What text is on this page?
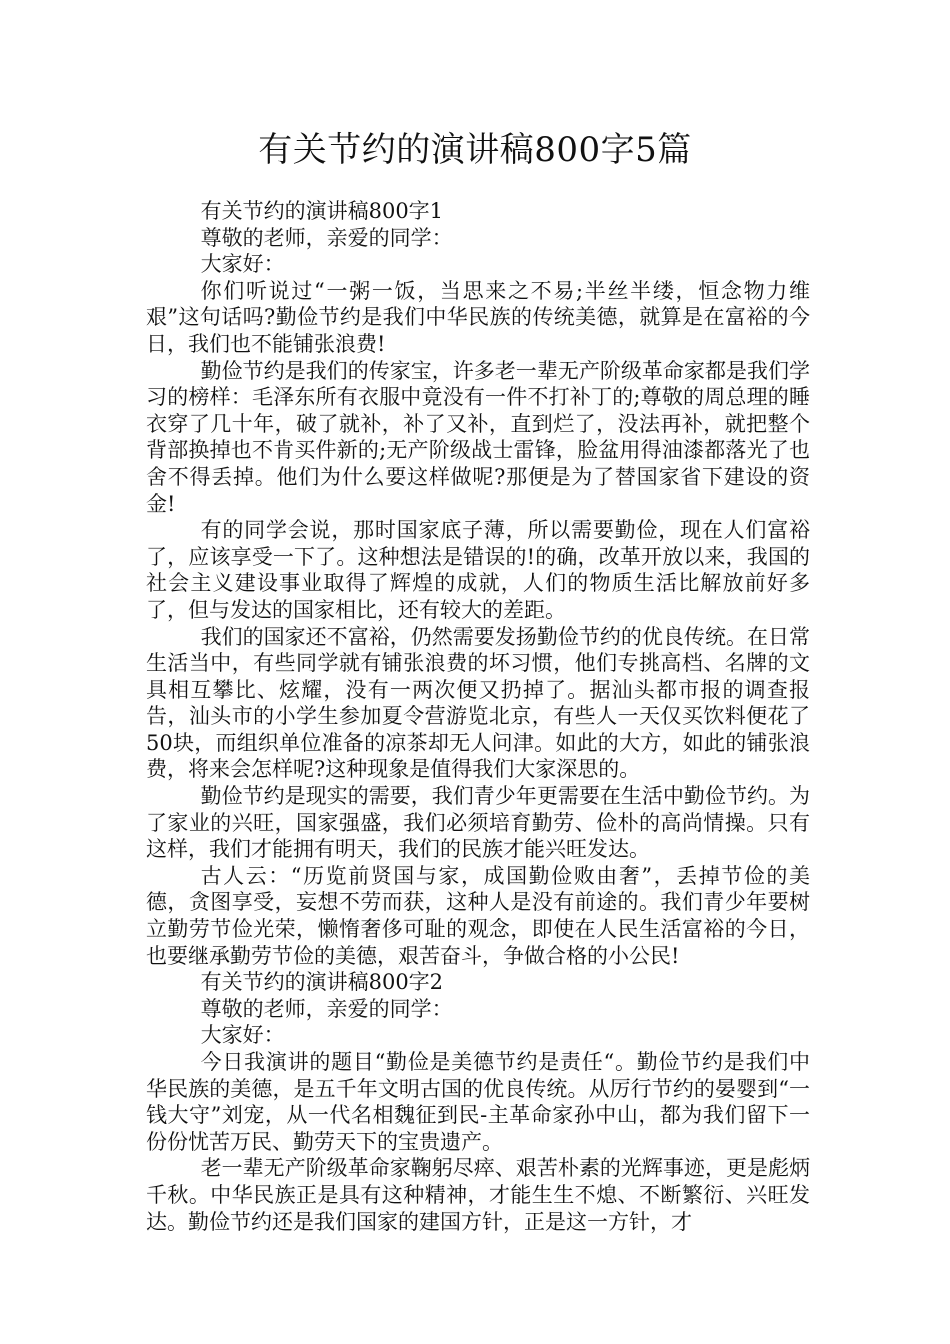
有关节约的演讲稿800字5篇

有关节约的演讲稿800字1

尊敬的老师，亲爱的同学：

大家好：

你们听说过“一粥一饭，当思来之不易;半丝半缕，恒念物力维艰”这句话吗?勤俭节约是我们中华民族的传统美德，就算是在富裕的今日，我们也不能铺张浪费!

勤俭节约是我们的传家宝，许多老一辈无产阶级革命家都是我们学习的榜样：毛泽东所有衣服中竟没有一件不打补丁的;尊敬的周总理的睡衣穿了几十年，破了就补，补了又补，直到烂了，没法再补，就把整个背部换掉也不肯买件新的;无产阶级战士雷锋，脸盆用得油漆都落光了也舍不得丢掉。他们为什么要这样做呢?那便是为了替国家省下建设的资金!

有的同学会说，那时国家底子薄，所以需要勤俭，现在人们富裕了，应该享受一下了。这种想法是错误的!的确，改革开放以来，我国的社会主义建设事业取得了辉煌的成就，人们的物质生活比解放前好多了，但与发达的国家相比，还有较大的差距。

我们的国家还不富裕，仍然需要发扬勤俭节约的优良传统。在日常生活当中，有些同学就有铺张浪费的坏习惯，他们专挑高档、名牌的文具相互攀比、炫耀，没有一两次便又扔掉了。据汕头都市报的调查报告，汕头市的小学生参加夏令营游览北京，有些人一天仅买饮料便花了50块，而组织单位准备的凉茶却无人问津。如此的大方，如此的铺张浪费，将来会怎样呢?这种现象是值得我们大家深思的。

勤俭节约是现实的需要，我们青少年更需要在生活中勤俭节约。为了家业的兴旺，国家强盛，我们必须培育勤劳、俭朴的高尚情操。只有这样，我们才能拥有明天，我们的民族才能兴旺发达。

古人云：“历览前贤国与家，成国勤俭败由奢”，丢掉节俭的美德，贪图享受，妄想不劳而获，这种人是没有前途的。我们青少年要树立勤劳节俭光荣，懒惰奢侈可耻的观念，即使在人民生活富裕的今日，也要继承勤劳节俭的美德，艰苦奋斗，争做合格的小公民!

有关节约的演讲稿800字2

尊敬的老师，亲爱的同学：

大家好：

今日我演讲的题目“勤俭是美德节约是责任“。勤俭节约是我们中华民族的美德，是五千年文明古国的优良传统。从厉行节约的晏婴到“一钱大守”刘宠，从一代名相魏征到民-主革命家孙中山，都为我们留下一份份忧苦万民、勤劳天下的宝贵遗产。

老一辈无产阶级革命家鞠躬尽瘁、艰苦朴素的光辉事迹，更是彪炳千秋。中华民族正是具有这种精神，才能生生不熄、不断繁衍、兴旺发达。勤俭节约还是我们国家的建国方针，正是这一方针，才
